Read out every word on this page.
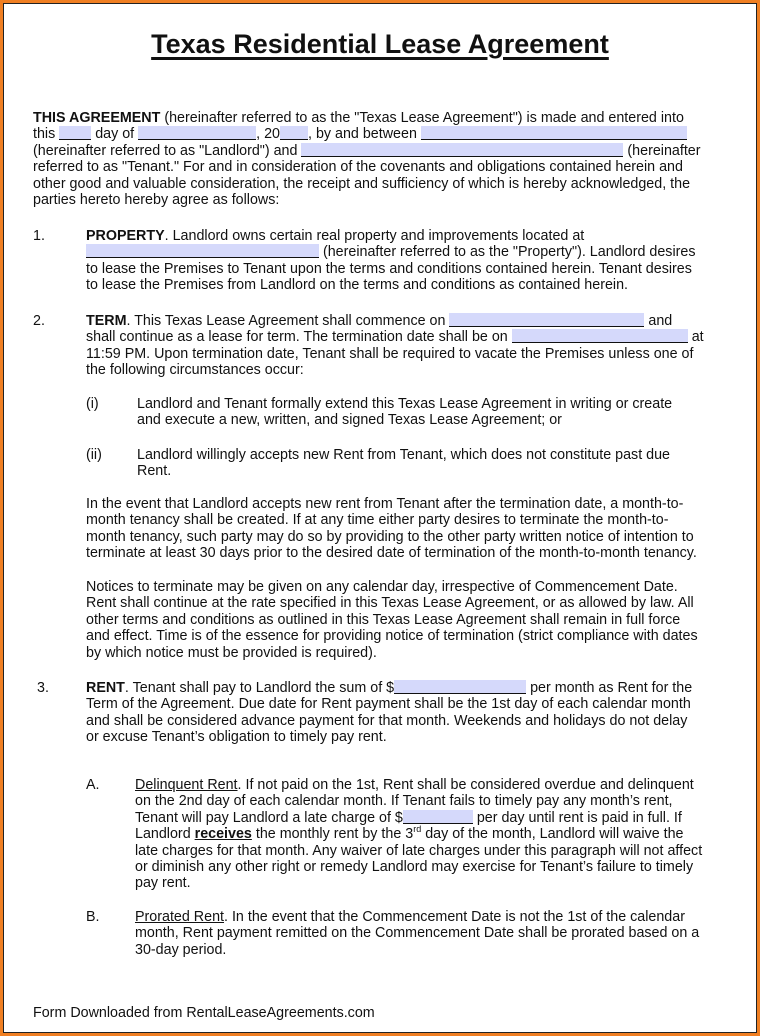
Texas Residential Lease Agreement
THIS AGREEMENT (hereinafter referred to as the "Texas Lease Agreement") is made and entered into
this  day of	, 20 , by and between
(hereinafter referred to as "Landlord") and	(hereinafter
referred to as "Tenant." For and in consideration of the covenants and obligations contained herein and
other good and valuable consideration, the receipt and sufficiency of which is hereby acknowledged, the
parties hereto hereby agree as follows:
1.	PROPERTY. Landlord owns certain real property and improvements located at
(hereinafter referred to as the "Property"). Landlord desires
to lease the Premises to Tenant upon the terms and conditions contained herein. Tenant desires
to lease the Premises from Landlord on the terms and conditions as contained herein.
2.	TERM. This Texas Lease Agreement shall commence on	and
shall continue as a lease for term. The termination date shall be on	at
11:59 PM. Upon termination date, Tenant shall be required to vacate the Premises unless one of
the following circumstances occur:
(i)	Landlord and Tenant formally extend this Texas Lease Agreement in writing or create
and execute a new, written, and signed Texas Lease Agreement; or
(ii) Landlord willingly accepts new Rent from Tenant, which does not constitute past due
Rent.
In the event that Landlord accepts new rent from Tenant after the termination date, a month-to-
month tenancy shall be created. If at any time either party desires to terminate the month-to-
month tenancy, such party may do so by providing to the other party written notice of intention to
terminate at least 30 days prior to the desired date of termination of the month-to-month tenancy.
Notices to terminate may be given on any calendar day, irrespective of Commencement Date.
Rent shall continue at the rate specified in this Texas Lease Agreement, or as allowed by law. All
other terms and conditions as outlined in this Texas Lease Agreement shall remain in full force
and effect. Time is of the essence for providing notice of termination (strict compliance with dates
by which notice must be provided is required).
3.	RENT. Tenant shall pay to Landlord the sum of $	per month as Rent for the
Term of the Agreement. Due date for Rent payment shall be the 1st day of each calendar month
and shall be considered advance payment for that month. Weekends and holidays do not delay
or excuse Tenant’s obligation to timely pay rent.
A. Delinquent Rent. If not paid on the 1st, Rent shall be considered overdue and delinquent
on the 2nd day of each calendar month. If Tenant fails to timely pay any month’s rent,
Tenant will pay Landlord a late charge of $	per day until rent is paid in full. If
Landlord receives the monthly rent by the 3rd day of the month, Landlord will waive the
late charges for that month. Any waiver of late charges under this paragraph will not affect
or diminish any other right or remedy Landlord may exercise for Tenant’s failure to timely
pay rent.
B. Prorated Rent. In the event that the Commencement Date is not the 1st of the calendar
month, Rent payment remitted on the Commencement Date shall be prorated based on a
30-day period.
Form Downloaded from RentalLeaseAgreements.com
